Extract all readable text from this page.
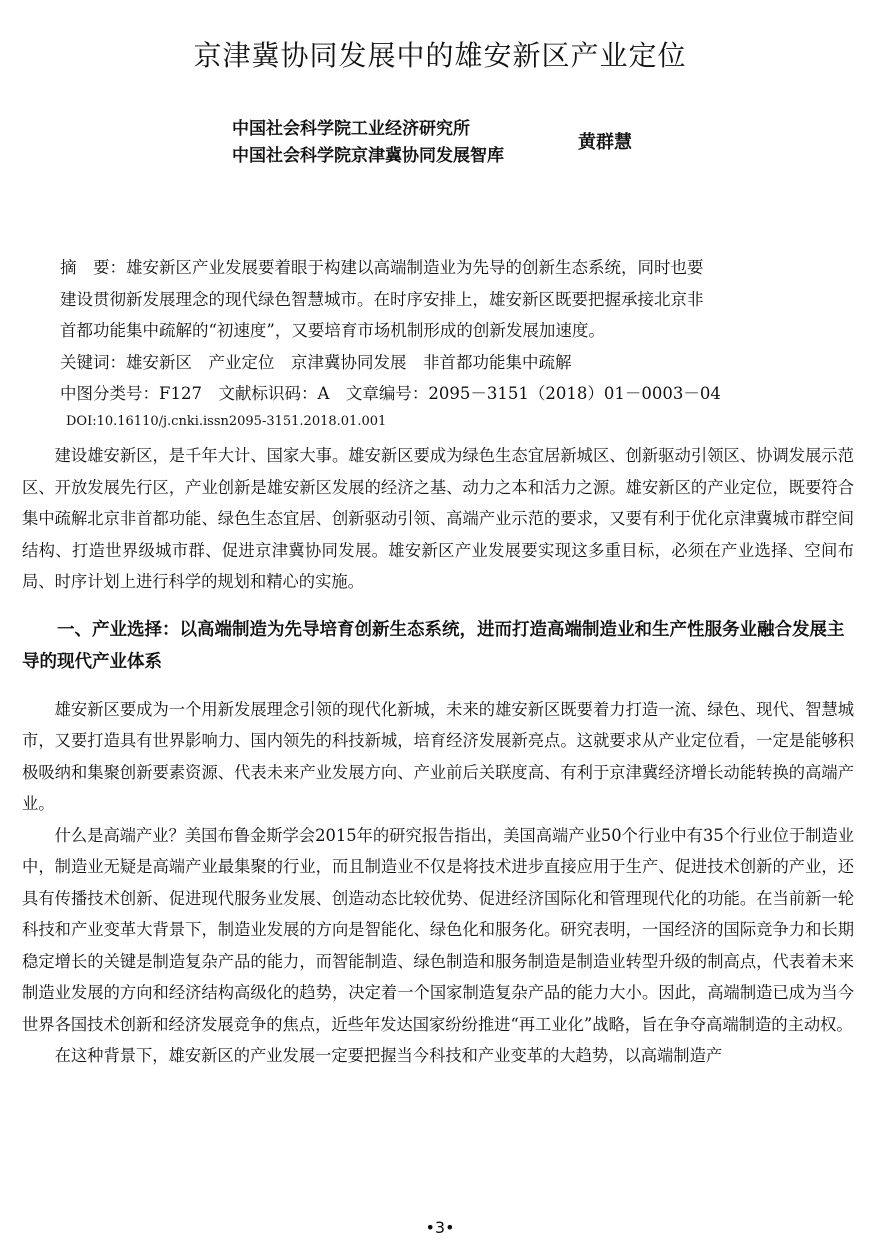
京津冀协同发展中的雄安新区产业定位
中国社会科学院工业经济研究所
中国社会科学院京津冀协同发展智库
黄群慧
摘　要：雄安新区产业发展要着眼于构建以高端制造业为先导的创新生态系统，同时也要
建设贯彻新发展理念的现代绿色智慧城市。在时序安排上，雄安新区既要把握承接北京非
首都功能集中疏解的“初速度”，又要培育市场机制形成的创新发展加速度。
关键词：雄安新区　产业定位　京津冀协同发展　非首都功能集中疏解
中图分类号：F127　文献标识码：A　文章编号：2095－3151（2018）01－0003－04
DOI:10.16110/j.cnki.issn2095-3151.2018.01.001

建设雄安新区，是千年大计、国家大事。雄安新区要成为绿色生态宜居新城区、创新驱动引领区、协调发展示范区、开放发展先行区，产业创新是雄安新区发展的经济之基、动力之本和活力之源。雄安新区的产业定位，既要符合集中疏解北京非首都功能、绿色生态宜居、创新驱动引领、高端产业示范的要求，又要有利于优化京津冀城市群空间结构、打造世界级城市群、促进京津冀协同发展。雄安新区产业发展要实现这多重目标，必须在产业选择、空间布局、时序计划上进行科学的规划和精心的实施。

一、产业选择：以高端制造为先导培育创新生态系统，进而打造高端制造业和生产性服务业融合发展主导的现代产业体系

雄安新区要成为一个用新发展理念引领的现代化新城，未来的雄安新区既要着力打造一流、绿色、现代、智慧城市，又要打造具有世界影响力、国内领先的科技新城，培育经济发展新亮点。这就要求从产业定位看，一定是能够积极吸纳和集聚创新要素资源、代表未来产业发展方向、产业前后关联度高、有利于京津冀经济增长动能转换的高端产业。

什么是高端产业？美国布鲁金斯学会2015年的研究报告指出，美国高端产业50个行业中有35个行业位于制造业中，制造业无疑是高端产业最集聚的行业，而且制造业不仅是将技术进步直接应用于生产、促进技术创新的产业，还具有传播技术创新、促进现代服务业发展、创造动态比较优势、促进经济国际化和管理现代化的功能。在当前新一轮科技和产业变革大背景下，制造业发展的方向是智能化、绿色化和服务化。研究表明，一国经济的国际竞争力和长期稳定增长的关键是制造复杂产品的能力，而智能制造、绿色制造和服务制造是制造业转型升级的制高点，代表着未来制造业发展的方向和经济结构高级化的趋势，决定着一个国家制造复杂产品的能力大小。因此，高端制造已成为当今世界各国技术创新和经济发展竞争的焦点，近些年发达国家纷纷推进“再工业化”战略，旨在争夺高端制造的主动权。

在这种背景下，雄安新区的产业发展一定要把握当今科技和产业变革的大趋势，以高端制造产

•3•
